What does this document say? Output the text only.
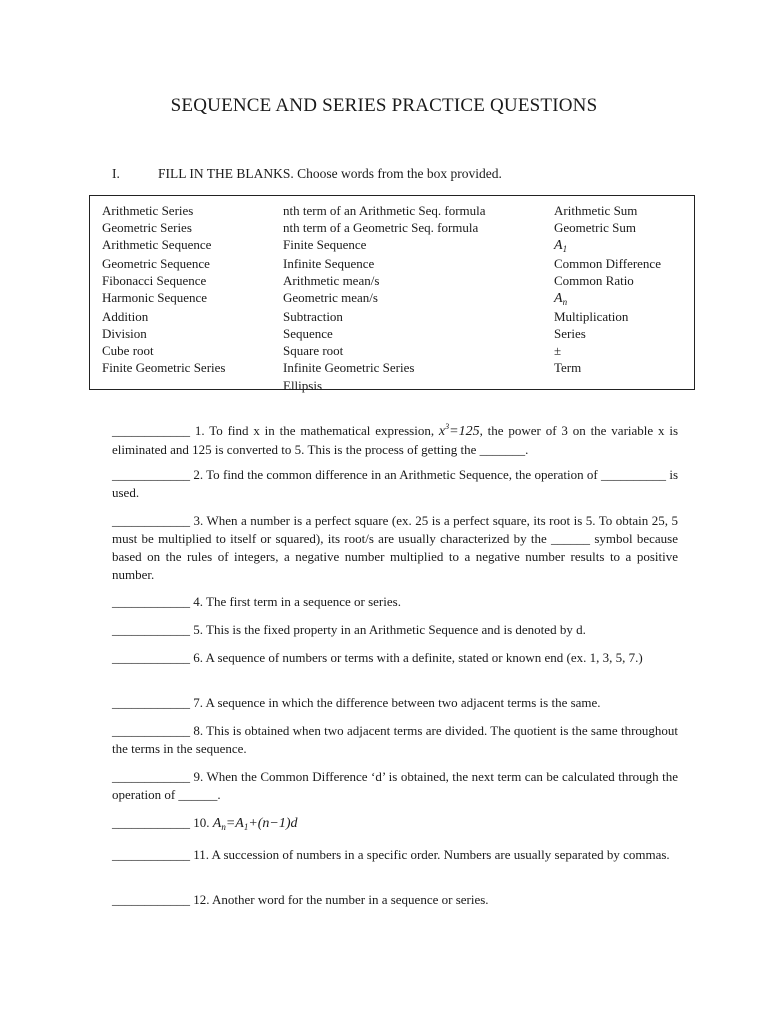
SEQUENCE AND SERIES PRACTICE QUESTIONS
I.	FILL IN THE BLANKS. Choose words from the box provided.
Arithmetic Series
Geometric Series
Arithmetic Sequence
Geometric Sequence
Fibonacci Sequence
Harmonic Sequence
Addition
Division
Cube root
Finite Geometric Series
nth term of an Arithmetic Seq. formula
nth term of a Geometric Seq. formula
Finite Sequence
Infinite Sequence
Arithmetic mean/s
Geometric mean/s
Subtraction
Sequence
Square root
Infinite Geometric Series
Ellipsis
Arithmetic Sum
Geometric Sum
$A_1$
Common Difference
Common Ratio
$A_n$
Multiplication
Series
±
Term
____________ 1. To find x in the mathematical expression, $x^3=125$, the power of 3 on the variable x is eliminated and 125 is converted to 5. This is the process of getting the _______.
____________ 2. To find the common difference in an Arithmetic Sequence, the operation of __________ is used.
____________ 3. When a number is a perfect square (ex. 25 is a perfect square, its root is 5. To obtain 25, 5 must be multiplied to itself or squared), its root/s are usually characterized by the ______ symbol because based on the rules of integers, a negative number multiplied to a negative number results to a positive number.
____________ 4. The first term in a sequence or series.
____________ 5. This is the fixed property in an Arithmetic Sequence and is denoted by d.
____________ 6. A sequence of numbers or terms with a definite, stated or known end (ex. 1, 3, 5, 7.)
____________ 7. A sequence in which the difference between two adjacent terms is the same.
____________ 8. This is obtained when two adjacent terms are divided. The quotient is the same throughout the terms in the sequence.
____________ 9. When the Common Difference ‘d’ is obtained, the next term can be calculated through the operation of ______.
____________ 10. $A_n=A_1+(n-1)d$
____________ 11. A succession of numbers in a specific order. Numbers are usually separated by commas.
____________ 12. Another word for the number in a sequence or series.
